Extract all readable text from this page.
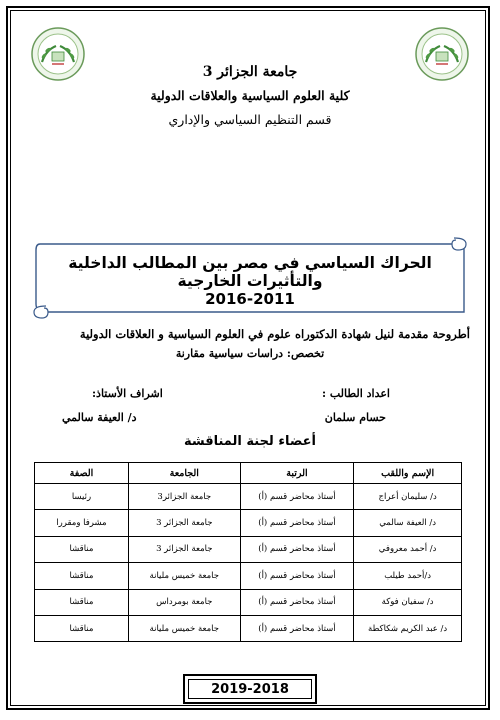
جامعة الجزائر 3
كلية العلوم السياسية والعلاقات الدولية
قسم التنظيم السياسي والإداري
الحراك السياسي في مصر بين المطالب الداخلية والتأثيرات الخارجية
2016-2011
أطروحة مقدمة لنيل شهادة الدكتوراه علوم في العلوم السياسية و العلاقات الدولية
تخصص: دراسات سياسية مقارنة
اعداد الطالب :
اشراف الأستاذ:
حسام سلمان
د/ العيفة سالمي
أعضاء لجنة المناقشة
الإسم واللقب	الرتبة	الجامعة	الصفة
د/ سليمان أعراج	أستاذ محاضر قسم (أ)	جامعة الجزائر3	رئيسا
د/ العيفة سالمي	أستاذ محاضر قسم (أ)	جامعة الجزائر 3	مشرفا ومقررا
د/ أحمد معروفي	أستاذ محاضر قسم (أ)	جامعة الجزائر 3	مناقشا
د/أحمد طيلب	أستاذ محاضر قسم (أ)	جامعة خميس مليانة	مناقشا
د/ سفيان فوكة	أستاذ محاضر قسم (أ)	جامعة بومرداس	مناقشا
د/ عبد الكريم شكاكطة	أستاذ محاضر قسم (أ)	جامعة خميس مليانة	مناقشا
2019-2018
